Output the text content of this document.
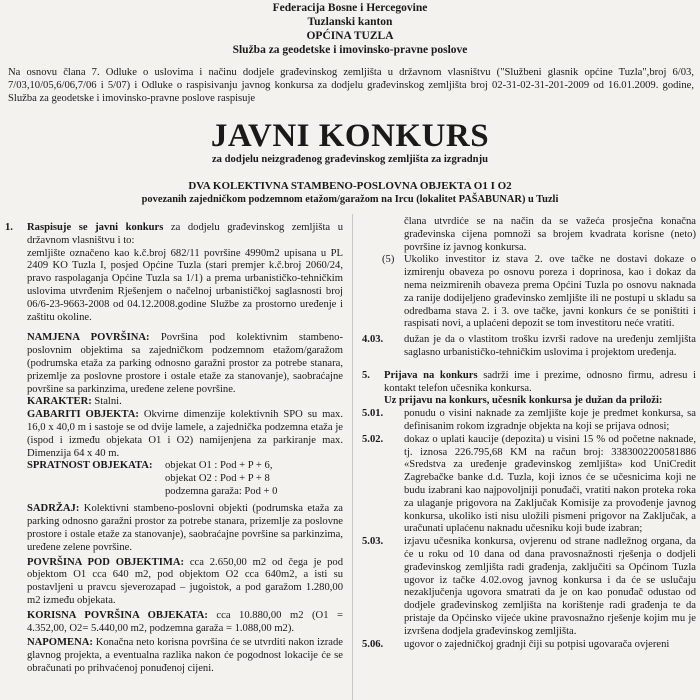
Federacija Bosne i Hercegovine
Tuzlanski kanton
OPĆINA TUZLA
Služba za geodetske i imovinsko-pravne poslove
Na osnovu člana 7. Odluke o uslovima i načinu dodjele građevinskog zemljišta u državnom vlasništvu ("Službeni glasnik općine Tuzla",broj 6/03, 7/03,10/05,6/06,7/06 i 5/07) i Odluke o raspisivanju javnog konkursa za dodjelu građevinskog zemljišta broj 02-31-02-31-201-2009 od 16.01.2009. godine, Služba za geodetske i imovinsko-pravne poslove raspisuje
JAVNI KONKURS
za dodjelu neizgrađenog građevinskog zemljišta za izgradnju
DVA KOLEKTIVNA STAMBENO-POSLOVNA OBJEKTA O1 I O2
povezanih zajedničkom podzemnom etažom/garažom na Ircu (lokalitet PAŠABUNAR) u Tuzli
1. Raspisuje se javni konkurs za dodjelu građevinskog zemljišta u državnom vlasništvu i to:
zemljište označeno kao k.č.broj 682/11 površine 4990m2 upisana u PL 2409 KO Tuzla I, posjed Općine Tuzla (stari premjer k.č.broj 2060/24, pravo raspolaganja Općine Tuzla sa 1/1) a prema urbanističko-tehničkim uslovima utvrđenim Rješenjem o načelnoj urbanističkoj saglasnosti broj 06/6-23-9663-2008 od 04.12.2008.godine Službe za prostorno uređenje i zaštitu okoline.
NAMJENA POVRŠINA: Površina pod kolektivnim stambeno-poslovnim objektima sa zajedničkom podzemnom etažom/garažom (podrumska etaža za parking odnosno garažni prostor za potrebe stanara, prizemlje za poslovne prostore i ostale etaže za stanovanje), saobraćajne površine sa parkinzima, uređene zelene površine.
KARAKTER: Stalni.
GABARITI OBJEKTA: Okvirne dimenzije kolektivnih SPO su max. 16,0 x 40,0 m i sastoje se od dvije lamele, a zajednička podzemna etaža je (ispod i između objekata O1 i O2) namijenjena za parkiranje max. Dimenzija 64 x 40 m.
SPRATNOST OBJEKATA: objekat O1 : Pod + P + 6,
objekat O2 : Pod + P + 8
podzemna garaža: Pod + 0
SADRŽAJ: Kolektivni stambeno-poslovni objekti (podrumska etaža za parking odnosno garažni prostor za potrebe stanara, prizemlje za poslovne prostore i ostale etaže za stanovanje), saobraćajne površine sa parkinzima, uređene zelene površine.
POVRŠINA POD OBJEKTIMA: cca 2.650,00 m2 od čega je pod objektom O1 cca 640 m2, pod objektom O2 cca 640m2, a isti su postavljeni u pravcu sjeverozapad – jugoistok, a pod garažom 1.280,00 m2 između objekata.
KORISNA POVRŠINA OBJEKATA: cca 10.880,00 m2 (O1 = 4.352,00, O2= 5.440,00 m2, podzemna garaža = 1.088,00 m2).
NAPOMENA: Konačna neto korisna površina će se utvrditi nakon izrade glavnog projekta, a eventualna razlika nakon će pogodnost lokacije će se obračunati po prihvaćenoj ponuđenoj cijeni.
člana utvrdiće se na način da se važeća prosječna konačna građevinska cijena pomnoži sa brojem kvadrata korisne (neto) površine iz javnog konkursa.
(5) Ukoliko investitor iz stava 2. ove tačke ne dostavi dokaze o izmirenju obaveza po osnovu poreza i doprinosa, kao i dokaz da nema neizmirenih obaveza prema Općini Tuzla po osnovu naknada za ranije dodijeljeno građevinsko zemljište ili ne postupi u skladu sa odredbama stava 2. i 3. ove tačke, javni konkurs će se poništiti i raspisati novi, a uplaćeni depozit se tom investitoru neće vratiti.
4.03. dužan je da o vlastitom trošku izvrši radove na uređenju zemljišta saglasno urbanističko-tehničkim uslovima i projektom uređenja.
5. Prijava na konkurs sadrži ime i prezime, odnosno firmu, adresu i kontakt telefon učesnika konkursa.
Uz prijavu na konkurs, učesnik konkursa je dužan da priloži:
5.01. ponudu o visini naknade za zemljište koje je predmet konkursa, sa definisanim rokom izgradnje objekta na koji se prijava odnosi;
5.02. dokaz o uplati kaucije (depozita) u visini 15 % od početne naknade, tj. iznosa 226.795,68 KM na račun broj: 3383002200581886 «Sredstva za uređenje građevinskog zemljišta» kod UniCredit Zagrebačke banke d.d. Tuzla, koji iznos će se učesnicima koji ne budu izabrani kao najpovoljniji ponuđači, vratiti nakon proteka roka za ulaganje prigovora na Zaključak Komisije za provođenje javnog konkursa, ukoliko isti nisu uložili pismeni prigovor na Zaključak, a uračunati uplaćenu naknadu učesniku koji bude izabran;
5.03. izjavu učesnika konkursa, ovjerenu od strane nadležnog organa, da će u roku od 10 dana od dana pravosnažnosti rješenja o dodjeli građevinskog zemljišta radi građenja, zaključiti sa Općinom Tuzla ugovor iz tačke 4.02.ovog javnog konkursa i da će se uslučaju nezaključenja ugovora smatrati da je on kao ponuđač odustao od dodjele građevinskog zemljišta na korištenje radi građenja te da pristaje da Općinsko vijeće ukine pravosnažno rješenje kojim mu je izvršena dodjela građevinskog zemljišta.
5.06. ugovor o zajedničkoj gradnji čiji su potpisi ugovarača ovjereni
